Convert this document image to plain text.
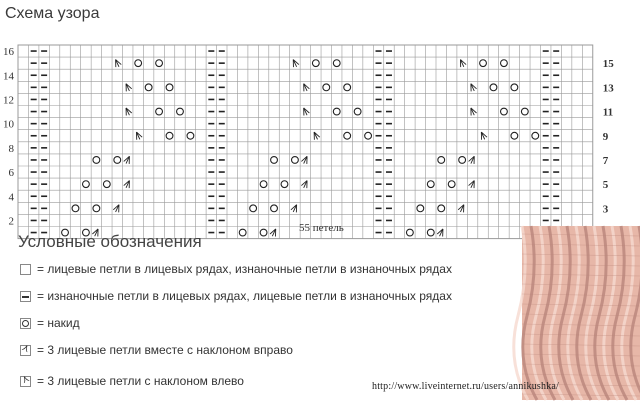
Схема узора
2
4
6
8
10
12
14
16
3
5
7
9
11
13
15
55 петель
Условные обозначения
= лицевые петли в лицевых рядах, изнаночные петли в изнаночных рядах
= изнаночные петли в лицевых рядах, лицевые петли в изнаночных рядах
= накид
⋏= 3 лицевые петли вместе с наклоном вправо
⋏= 3 лицевые петли с наклоном влево	http://www.liveinternet.ru/users/annikushka/
